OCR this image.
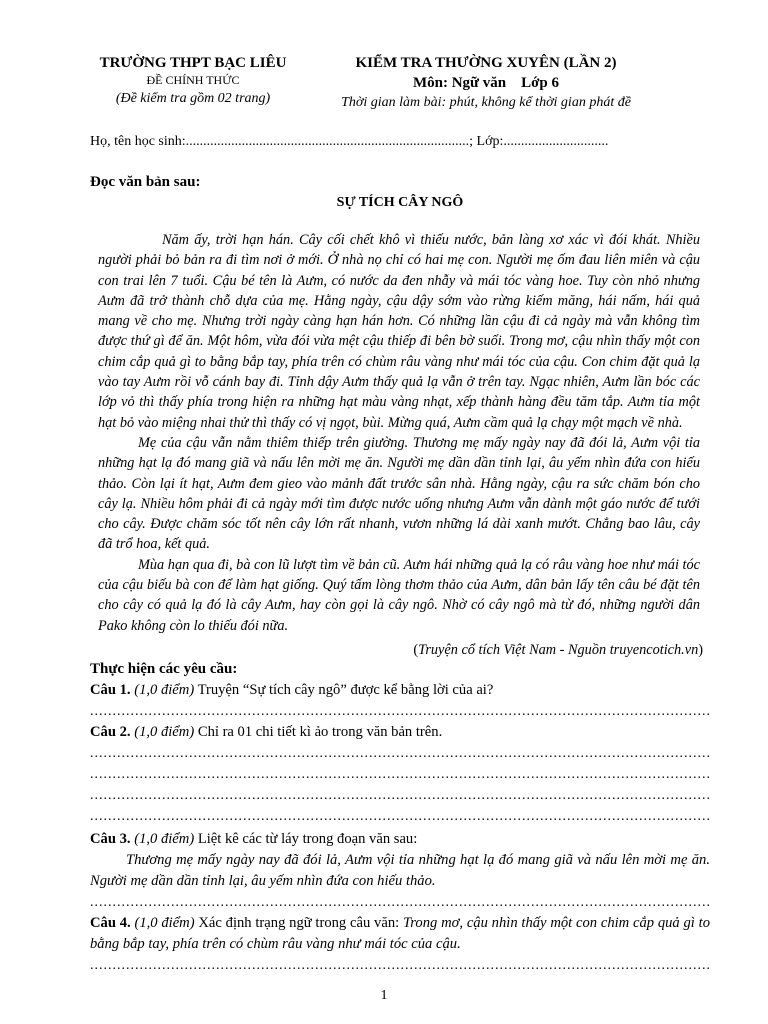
TRƯỜNG THPT BẠC LIÊU
ĐỀ CHÍNH THỨC
(Đề kiểm tra gồm 02 trang)
KIỂM TRA THƯỜNG XUYÊN (LẦN 2)
Môn: Ngữ văn Lớp 6
Thời gian làm bài: phút, không kể thời gian phát đề
Họ, tên học sinh:.................................................................................; Lớp:..............................
Đọc văn bản sau:
SỰ TÍCH CÂY NGÔ

Năm ấy, trời hạn hán. Cây cối chết khô vì thiếu nước, bản làng xơ xác vì đói khát. Nhiều người phải bỏ bản ra đi tìm nơi ở mới. Ở nhà nọ chỉ có hai mẹ con. Người mẹ ốm đau liên miên và cậu con trai lên 7 tuổi. Cậu bé tên là Aưm, có nước da đen nhẫy và mái tóc vàng hoe. Tuy còn nhỏ nhưng Aưm đã trở thành chỗ dựa của mẹ. Hằng ngày, cậu dậy sớm vào rừng kiếm măng, hái nấm, hái quả mang về cho mẹ. Nhưng trời ngày càng hạn hán hơn. Có những lần cậu đi cả ngày mà vẫn không tìm được thứ gì để ăn. Một hôm, vừa đói vừa mệt cậu thiếp đi bên bờ suối. Trong mơ, cậu nhìn thấy một con chim cắp quả gì to bằng bắp tay, phía trên có chùm râu vàng như mái tóc của cậu. Con chim đặt quả lạ vào tay Aưm rồi vỗ cánh bay đi. Tỉnh dậy Aưm thấy quả lạ vẫn ở trên tay. Ngạc nhiên, Aưm lần bóc các lớp vỏ thì thấy phía trong hiện ra những hạt màu vàng nhạt, xếp thành hàng đều tăm tắp. Aưm tỉa một hạt bỏ vào miệng nhai thử thì thấy có vị ngọt, bùi. Mừng quá, Aưm cầm quả lạ chạy một mạch về nhà.

Mẹ của cậu vẫn nằm thiêm thiếp trên giường. Thương mẹ mấy ngày nay đã đói lả, Aưm vội tỉa những hạt lạ đó mang giã và nấu lên mời mẹ ăn. Người mẹ dần dần tỉnh lại, âu yếm nhìn đứa con hiếu thảo. Còn lại ít hạt, Aưm đem gieo vào mảnh đất trước sân nhà. Hằng ngày, cậu ra sức chăm bón cho cây lạ. Nhiều hôm phải đi cả ngày mới tìm được nước uống nhưng Aưm vẫn dành một gáo nước để tưới cho cây. Được chăm sóc tốt nên cây lớn rất nhanh, vươn những lá dài xanh mướt. Chẳng bao lâu, cây đã trổ hoa, kết quả.

Mùa hạn qua đi, bà con lũ lượt tìm về bản cũ. Aưm hái những quả lạ có râu vàng hoe như mái tóc của cậu biếu bà con để làm hạt giống. Quý tấm lòng thơm thảo của Aưm, dân bản lấy tên câu bé đặt tên cho cây có quả lạ đó là cây Aưm, hay còn gọi là cây ngô. Nhờ có cây ngô mà từ đó, những người dân Pako không còn lo thiếu đói nữa.

(Truyện cổ tích Việt Nam - Nguồn truyencotich.vn)
Thực hiện các yêu cầu:
Câu 1. (1,0 điểm) Truyện “Sự tích cây ngô” được kể bằng lời của ai?
.....
Câu 2. (1,0 điểm) Chỉ ra 01 chi tiết kì ảo trong văn bản trên.
.....
.....
.....
.....
Câu 3. (1,0 điểm) Liệt kê các từ láy trong đoạn văn sau:
Thương mẹ mấy ngày nay đã đói lả, Aưm vội tỉa những hạt lạ đó mang giã và nấu lên mời mẹ ăn. Người mẹ dần dần tỉnh lại, âu yếm nhìn đứa con hiếu thảo.
.....
Câu 4. (1,0 điểm) Xác định trạng ngữ trong câu văn: Trong mơ, cậu nhìn thấy một con chim cắp quả gì to bằng bắp tay, phía trên có chùm râu vàng như mái tóc của cậu.
.....
1
